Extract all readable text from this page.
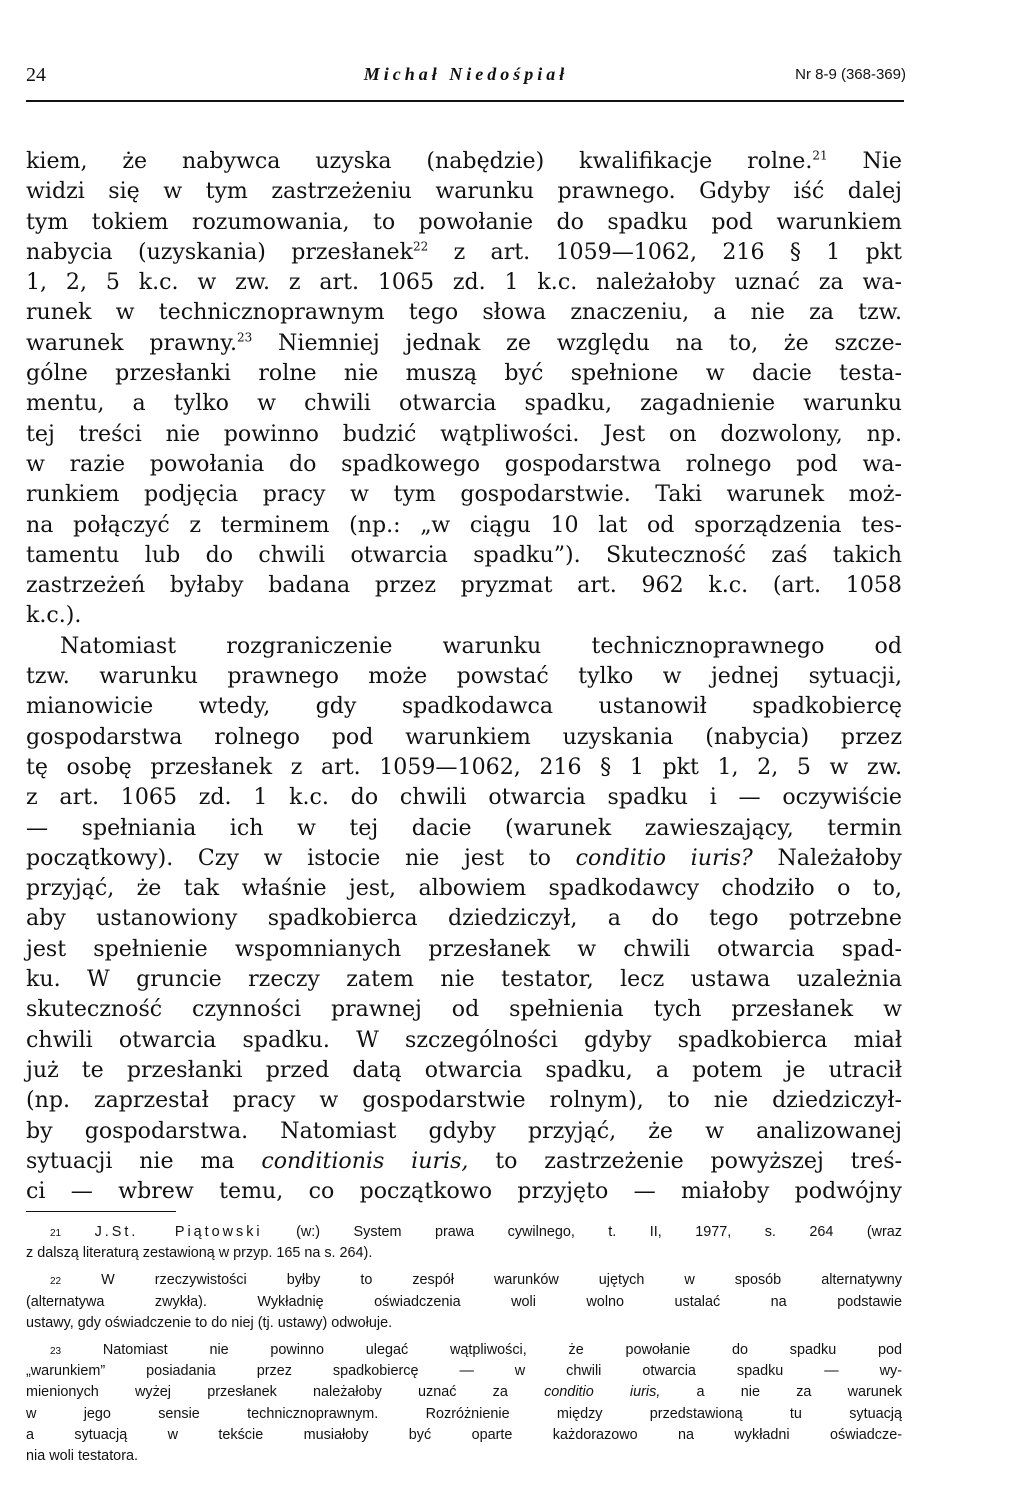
24	Michał Niedośpiał	Nr 8-9 (368-369)
kiem, że nabywca uzyska (nabędzie) kwalifikacje rolne.$^{21}$ Nie
widzi się w tym zastrzeżeniu warunku prawnego. Gdyby iść dalej
tym tokiem rozumowania, to powołanie do spadku pod warunkiem
nabycia (uzyskania) przesłanek$^{22}$ z art. 1059—1062, 216 § 1 pkt
1, 2, 5 k.c. w zw. z art. 1065 zd. 1 k.c. należałoby uznać za wa-
runek w technicznoprawnym tego słowa znaczeniu, a nie za tzw.
warunek prawny.$^{23}$ Niemniej jednak ze względu na to, że szcze-
gólne przesłanki rolne nie muszą być spełnione w dacie testa-
mentu, a tylko w chwili otwarcia spadku, zagadnienie warunku
tej treści nie powinno budzić wątpliwości. Jest on dozwolony, np.
w razie powołania do spadkowego gospodarstwa rolnego pod wa-
runkiem podjęcia pracy w tym gospodarstwie. Taki warunek moż-
na połączyć z terminem (np.: „w ciągu 10 lat od sporządzenia tes-
tamentu lub do chwili otwarcia spadku”). Skuteczność zaś takich
zastrzeżeń byłaby badana przez pryzmat art. 962 k.c. (art. 1058
k.c.).
Natomiast rozgraniczenie warunku technicznoprawnego od
tzw. warunku prawnego może powstać tylko w jednej sytuacji,
mianowicie wtedy, gdy spadkodawca ustanowił spadkobiercę
gospodarstwa rolnego pod warunkiem uzyskania (nabycia) przez
tę osobę przesłanek z art. 1059—1062, 216 § 1 pkt 1, 2, 5 w zw.
z art. 1065 zd. 1 k.c. do chwili otwarcia spadku i — oczywiście
— spełniania ich w tej dacie (warunek zawieszający, termin
początkowy). Czy w istocie nie jest to conditio iuris? Należałoby
przyjąć, że tak właśnie jest, albowiem spadkodawcy chodziło o to,
aby ustanowiony spadkobierca dziedziczył, a do tego potrzebne
jest spełnienie wspomnianych przesłanek w chwili otwarcia spad-
ku. W gruncie rzeczy zatem nie testator, lecz ustawa uzależnia
skuteczność czynności prawnej od spełnienia tych przesłanek w
chwili otwarcia spadku. W szczególności gdyby spadkobierca miał
już te przesłanki przed datą otwarcia spadku, a potem je utracił
(np. zaprzestał pracy w gospodarstwie rolnym), to nie dziedziczył-
by gospodarstwa. Natomiast gdyby przyjąć, że w analizowanej
sytuacji nie ma conditionis iuris, to zastrzeżenie powyższej treś-
ci — wbrew temu, co początkowo przyjęto — miałoby podwójny
21 J.St. Piątowski (w:) System prawa cywilnego, t. II, 1977, s. 264 (wraz
z dalszą literaturą zestawioną w przyp. 165 na s. 264).
22 W rzeczywistości byłby to zespół warunków ujętych w sposób alternatywny
(alternatywa zwykła). Wykładnię oświadczenia woli wolno ustalać na podstawie
ustawy, gdy oświadczenie to do niej (tj. ustawy) odwołuje.
23 Natomiast nie powinno ulegać wątpliwości, że powołanie do spadku pod
„warunkiem” posiadania przez spadkobiercę — w chwili otwarcia spadku — wy-
mienionych wyżej przesłanek należałoby uznać za conditio iuris, a nie za warunek
w jego sensie technicznoprawnym. Rozróżnienie między przedstawioną tu sytuacją
a sytuacją w tekście musiałoby być oparte każdorazowo na wykładni oświadcze-
nia woli testatora.
